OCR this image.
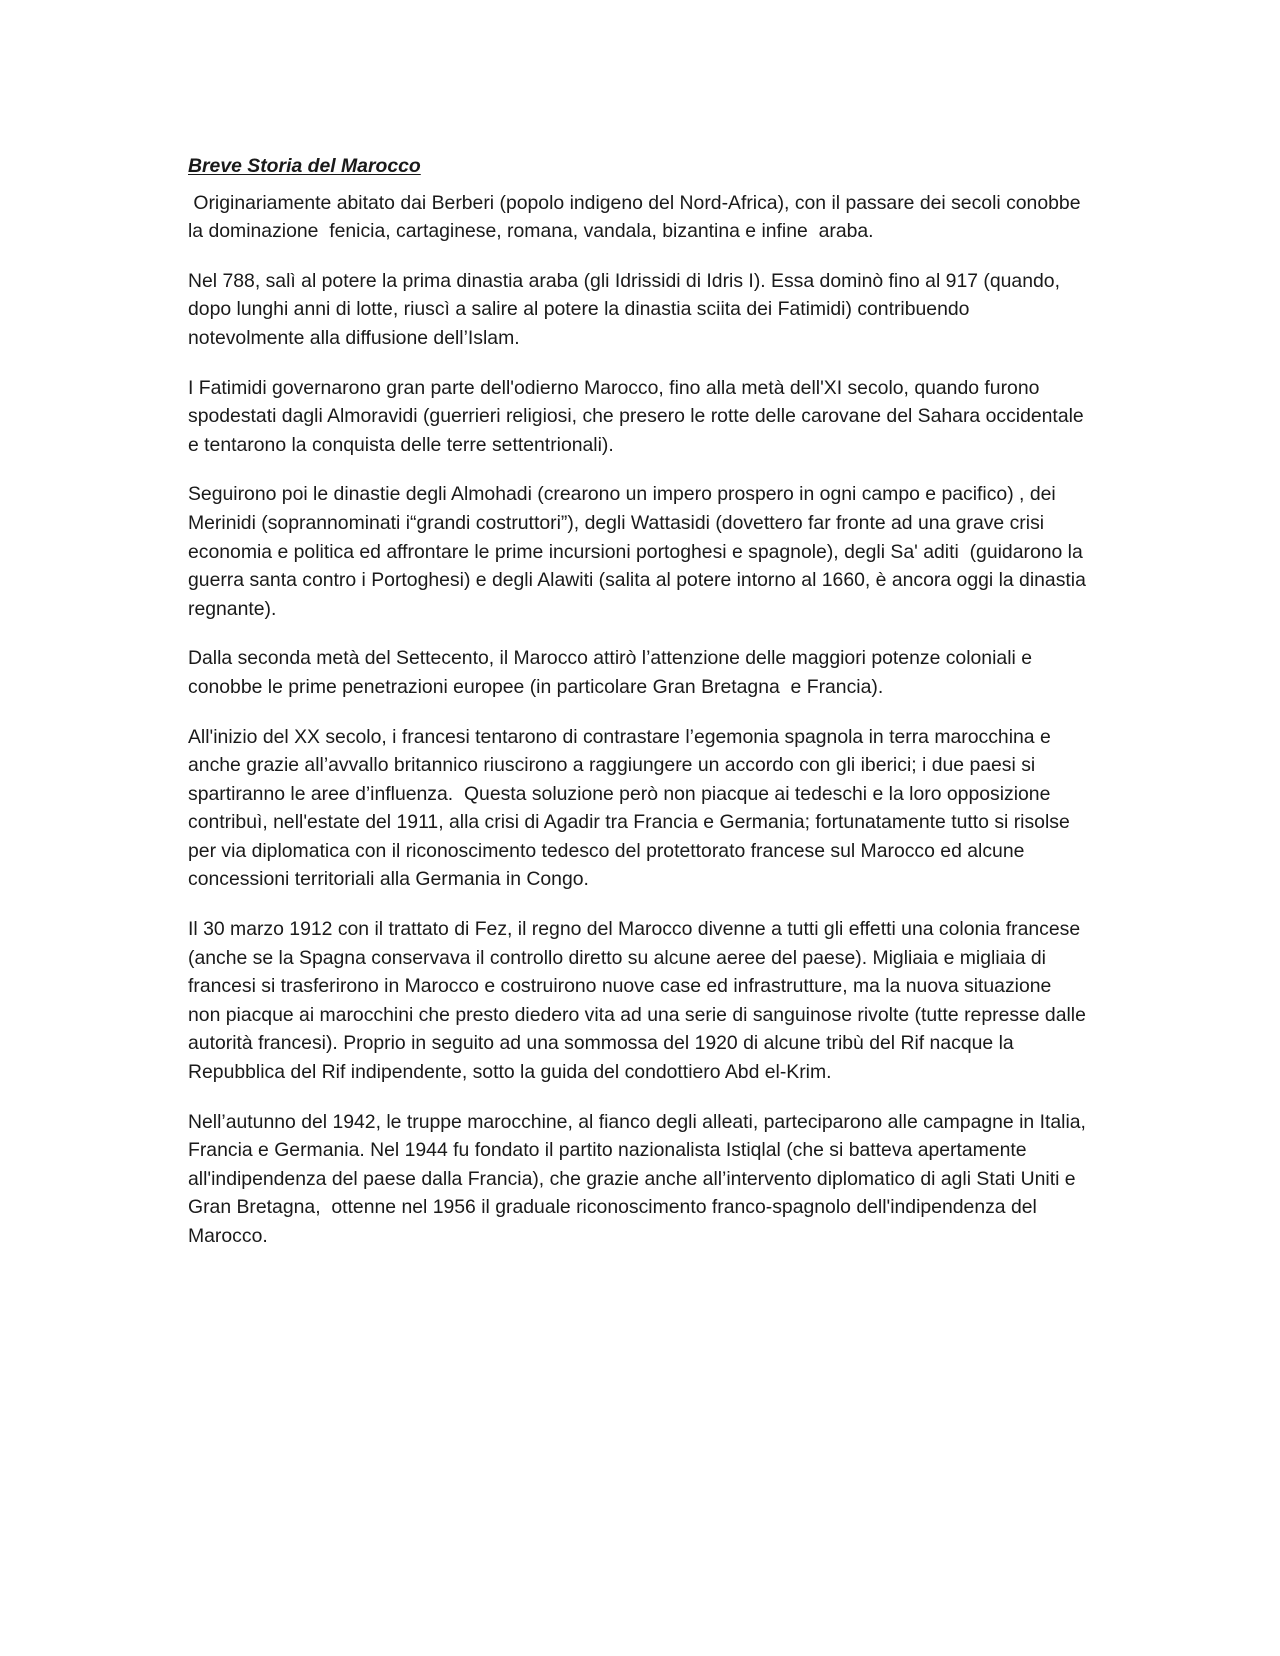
Breve Storia del Marocco

Originariamente abitato dai Berberi (popolo indigeno del Nord-Africa), con il passare dei secoli conobbe la dominazione  fenicia, cartaginese, romana, vandala, bizantina e infine  araba.

Nel 788, salì al potere la prima dinastia araba (gli Idrissidi di Idris I). Essa dominò fino al 917 (quando, dopo lunghi anni di lotte, riuscì a salire al potere la dinastia sciita dei Fatimidi) contribuendo notevolmente alla diffusione dell’Islam.

I Fatimidi governarono gran parte dell'odierno Marocco, fino alla metà dell'XI secolo, quando furono spodestati dagli Almoravidi (guerrieri religiosi, che presero le rotte delle carovane del Sahara occidentale e tentarono la conquista delle terre settentrionali).

Seguirono poi le dinastie degli Almohadi (crearono un impero prospero in ogni campo e pacifico) , dei Merinidi (soprannominati i“grandi costruttori”), degli Wattasidi (dovettero far fronte ad una grave crisi economia e politica ed affrontare le prime incursioni portoghesi e spagnole), degli Sa' aditi  (guidarono la guerra santa contro i Portoghesi) e degli Alawiti (salita al potere intorno al 1660, è ancora oggi la dinastia regnante).

Dalla seconda metà del Settecento, il Marocco attirò l’attenzione delle maggiori potenze coloniali e conobbe le prime penetrazioni europee (in particolare Gran Bretagna  e Francia).

All'inizio del XX secolo, i francesi tentarono di contrastare l’egemonia spagnola in terra marocchina e anche grazie all’avvallo britannico riuscirono a raggiungere un accordo con gli iberici; i due paesi si spartiranno le aree d’influenza.  Questa soluzione però non piacque ai tedeschi e la loro opposizione contribuì, nell'estate del 1911, alla crisi di Agadir tra Francia e Germania; fortunatamente tutto si risolse per via diplomatica con il riconoscimento tedesco del protettorato francese sul Marocco ed alcune concessioni territoriali alla Germania in Congo.

Il 30 marzo 1912 con il trattato di Fez, il regno del Marocco divenne a tutti gli effetti una colonia francese (anche se la Spagna conservava il controllo diretto su alcune aeree del paese). Migliaia e migliaia di francesi si trasferirono in Marocco e costruirono nuove case ed infrastrutture, ma la nuova situazione non piacque ai marocchini che presto diedero vita ad una serie di sanguinose rivolte (tutte represse dalle autorità francesi). Proprio in seguito ad una sommossa del 1920 di alcune tribù del Rif nacque la Repubblica del Rif indipendente, sotto la guida del condottiero Abd el-Krim.

Nell’autunno del 1942, le truppe marocchine, al fianco degli alleati, parteciparono alle campagne in Italia, Francia e Germania. Nel 1944 fu fondato il partito nazionalista Istiqlal (che si batteva apertamente all'indipendenza del paese dalla Francia), che grazie anche all’intervento diplomatico di agli Stati Uniti e Gran Bretagna,  ottenne nel 1956 il graduale riconoscimento franco-spagnolo dell'indipendenza del Marocco.
